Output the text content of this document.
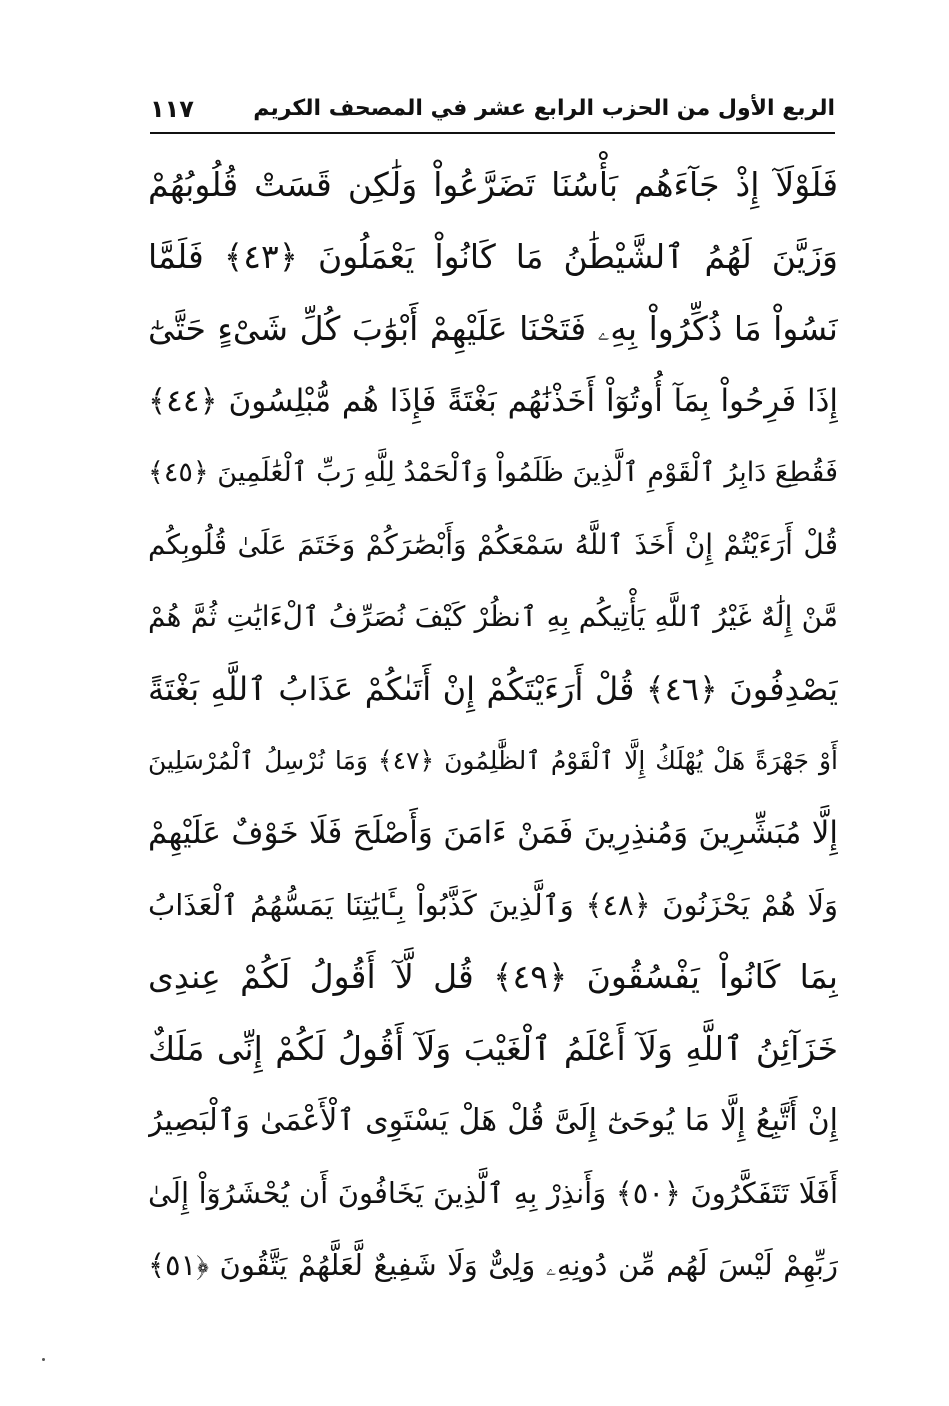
الربع الأول من الحزب الرابع عشر في المصحف الكريم
١١٧
فَلَوْلَآ إِذْ جَآءَهُم بَأْسُنَا تَضَرَّعُواْ وَلَٰكِن قَسَتْ قُلُوبُهُمْ
وَزَيَّنَ لَهُمُ ٱلشَّيْطَٰنُ مَا كَانُواْ يَعْمَلُونَ ﴿٤٣﴾ فَلَمَّا
نَسُواْ مَا ذُكِّرُواْ بِهِۦ فَتَحْنَا عَلَيْهِمْ أَبْوَٰبَ كُلِّ شَىْءٍ حَتَّىٰٓ
إِذَا فَرِحُواْ بِمَآ أُوتُوٓاْ أَخَذْنَٰهُم بَغْتَةً فَإِذَا هُم مُّبْلِسُونَ ﴿٤٤﴾
فَقُطِعَ دَابِرُ ٱلْقَوْمِ ٱلَّذِينَ ظَلَمُواْ وَٱلْحَمْدُ لِلَّهِ رَبِّ ٱلْعَٰلَمِينَ ﴿٤٥﴾
قُلْ أَرَءَيْتُمْ إِنْ أَخَذَ ٱللَّهُ سَمْعَكُمْ وَأَبْصَٰرَكُمْ وَخَتَمَ عَلَىٰ قُلُوبِكُم
مَّنْ إِلَٰهٌ غَيْرُ ٱللَّهِ يَأْتِيكُم بِهِ ٱنظُرْ كَيْفَ نُصَرِّفُ ٱلْءَايَٰتِ ثُمَّ هُمْ
يَصْدِفُونَ ﴿٤٦﴾ قُلْ أَرَءَيْتَكُمْ إِنْ أَتَىٰكُمْ عَذَابُ ٱللَّهِ بَغْتَةً
أَوْ جَهْرَةً هَلْ يُهْلَكُ إِلَّا ٱلْقَوْمُ ٱلظَّٰلِمُونَ ﴿٤٧﴾ وَمَا نُرْسِلُ ٱلْمُرْسَلِينَ
إِلَّا مُبَشِّرِينَ وَمُنذِرِينَ فَمَنْ ءَامَنَ وَأَصْلَحَ فَلَا خَوْفٌ عَلَيْهِمْ
وَلَا هُمْ يَحْزَنُونَ ﴿٤٨﴾ وَٱلَّذِينَ كَذَّبُواْ بِـَٔايَٰتِنَا يَمَسُّهُمُ ٱلْعَذَابُ
بِمَا كَانُواْ يَفْسُقُونَ ﴿٤٩﴾ قُل لَّآ أَقُولُ لَكُمْ عِندِى
خَزَآئِنُ ٱللَّهِ وَلَآ أَعْلَمُ ٱلْغَيْبَ وَلَآ أَقُولُ لَكُمْ إِنِّى مَلَكٌ
إِنْ أَتَّبِعُ إِلَّا مَا يُوحَىٰٓ إِلَىَّ قُلْ هَلْ يَسْتَوِى ٱلْأَعْمَىٰ وَٱلْبَصِيرُ
أَفَلَا تَتَفَكَّرُونَ ﴿٥٠﴾ وَأَنذِرْ بِهِ ٱلَّذِينَ يَخَافُونَ أَن يُحْشَرُوٓاْ إِلَىٰ
رَبِّهِمْ لَيْسَ لَهُم مِّن دُونِهِۦ وَلِىٌّ وَلَا شَفِيعٌ لَّعَلَّهُمْ يَتَّقُونَ ﴿٥١﴾
